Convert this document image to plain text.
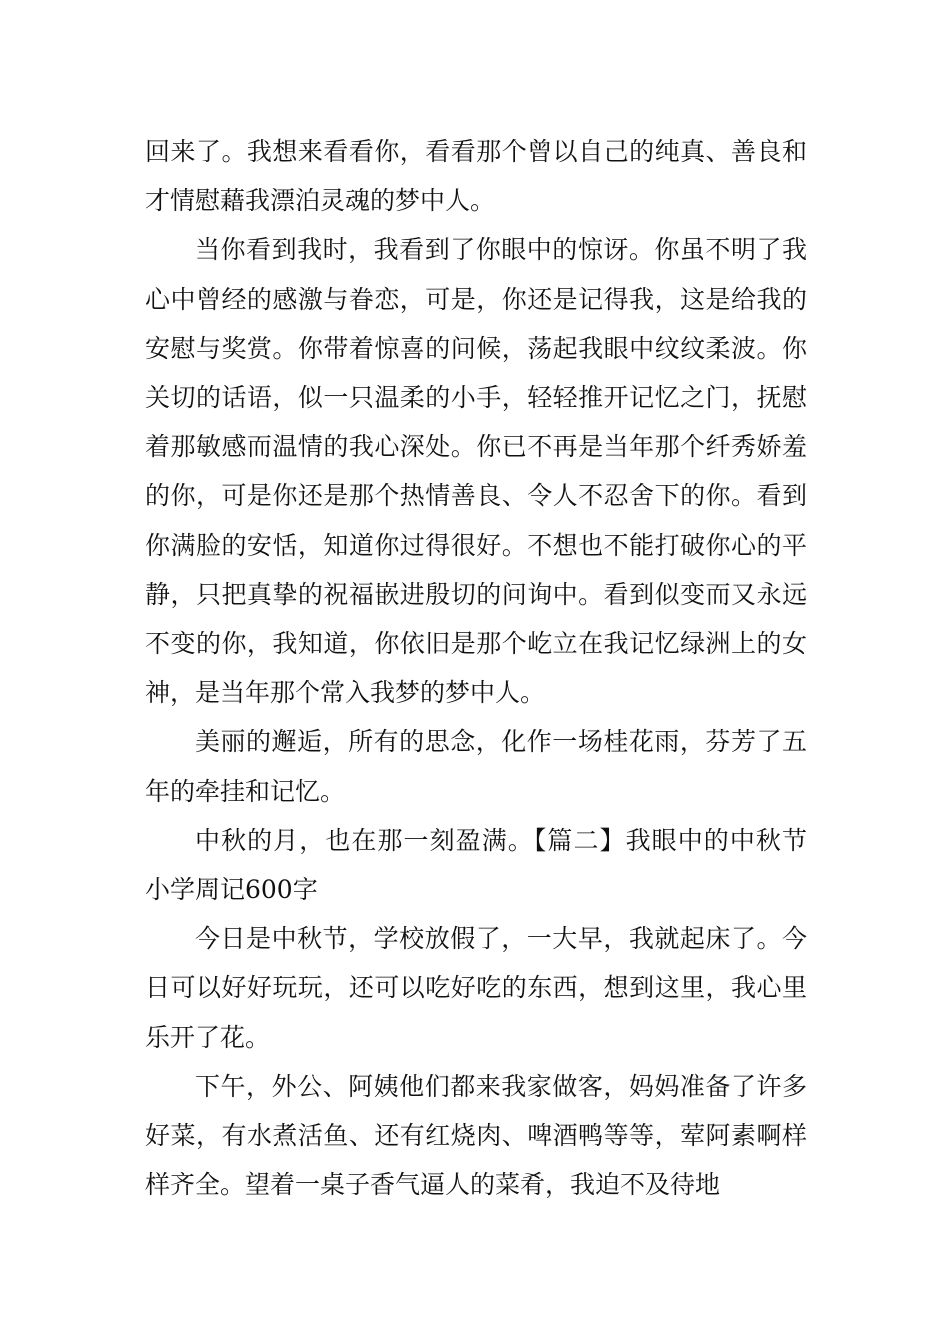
回来了。我想来看看你，看看那个曾以自己的纯真、善良和才情慰藉我漂泊灵魂的梦中人。

当你看到我时，我看到了你眼中的惊讶。你虽不明了我心中曾经的感激与眷恋，可是，你还是记得我，这是给我的安慰与奖赏。你带着惊喜的问候，荡起我眼中纹纹柔波。你关切的话语，似一只温柔的小手，轻轻推开记忆之门，抚慰着那敏感而温情的我心深处。你已不再是当年那个纤秀娇羞的你，可是你还是那个热情善良、令人不忍舍下的你。看到你满脸的安恬，知道你过得很好。不想也不能打破你心的平静，只把真挚的祝福嵌进殷切的问询中。看到似变而又永远不变的你，我知道，你依旧是那个屹立在我记忆绿洲上的女神，是当年那个常入我梦的梦中人。

美丽的邂逅，所有的思念，化作一场桂花雨，芬芳了五年的牵挂和记忆。

中秋的月，也在那一刻盈满。【篇二】我眼中的中秋节小学周记600字

今日是中秋节，学校放假了，一大早，我就起床了。今日可以好好玩玩，还可以吃好吃的东西，想到这里，我心里乐开了花。

下午，外公、阿姨他们都来我家做客，妈妈准备了许多好菜，有水煮活鱼、还有红烧肉、啤酒鸭等等，荤阿素啊样样齐全。望着一桌子香气逼人的菜肴，我迫不及待地
